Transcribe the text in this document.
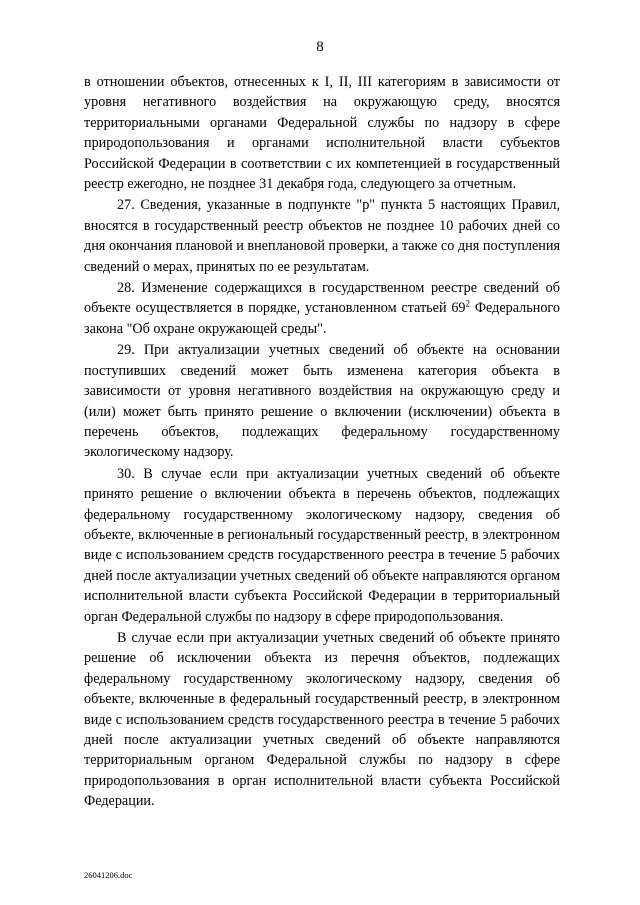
8

в отношении объектов, отнесенных к I, II, III категориям в зависимости от уровня негативного воздействия на окружающую среду, вносятся территориальными органами Федеральной службы по надзору в сфере природопользования и органами исполнительной власти субъектов Российской Федерации в соответствии с их компетенцией в государственный реестр ежегодно, не позднее 31 декабря года, следующего за отчетным.

27. Сведения, указанные в подпункте "р" пункта 5 настоящих Правил, вносятся в государственный реестр объектов не позднее 10 рабочих дней со дня окончания плановой и внеплановой проверки, а также со дня поступления сведений о мерах, принятых по ее результатам.

28. Изменение содержащихся в государственном реестре сведений об объекте осуществляется в порядке, установленном статьей $69^2$ Федерального закона "Об охране окружающей среды".

29. При актуализации учетных сведений об объекте на основании поступивших сведений может быть изменена категория объекта в зависимости от уровня негативного воздействия на окружающую среду и (или) может быть принято решение о включении (исключении) объекта в перечень объектов, подлежащих федеральному государственному экологическому надзору.

30. В случае если при актуализации учетных сведений об объекте принято решение о включении объекта в перечень объектов, подлежащих федеральному государственному экологическому надзору, сведения об объекте, включенные в региональный государственный реестр, в электронном виде с использованием средств государственного реестра в течение 5 рабочих дней после актуализации учетных сведений об объекте направляются органом исполнительной власти субъекта Российской Федерации в территориальный орган Федеральной службы по надзору в сфере природопользования.

В случае если при актуализации учетных сведений об объекте принято решение об исключении объекта из перечня объектов, подлежащих федеральному государственному экологическому надзору, сведения об объекте, включенные в федеральный государственный реестр, в электронном виде с использованием средств государственного реестра в течение 5 рабочих дней после актуализации учетных сведений об объекте направляются территориальным органом Федеральной службы по надзору в сфере природопользования в орган исполнительной власти субъекта Российской Федерации.

26041206.doc
